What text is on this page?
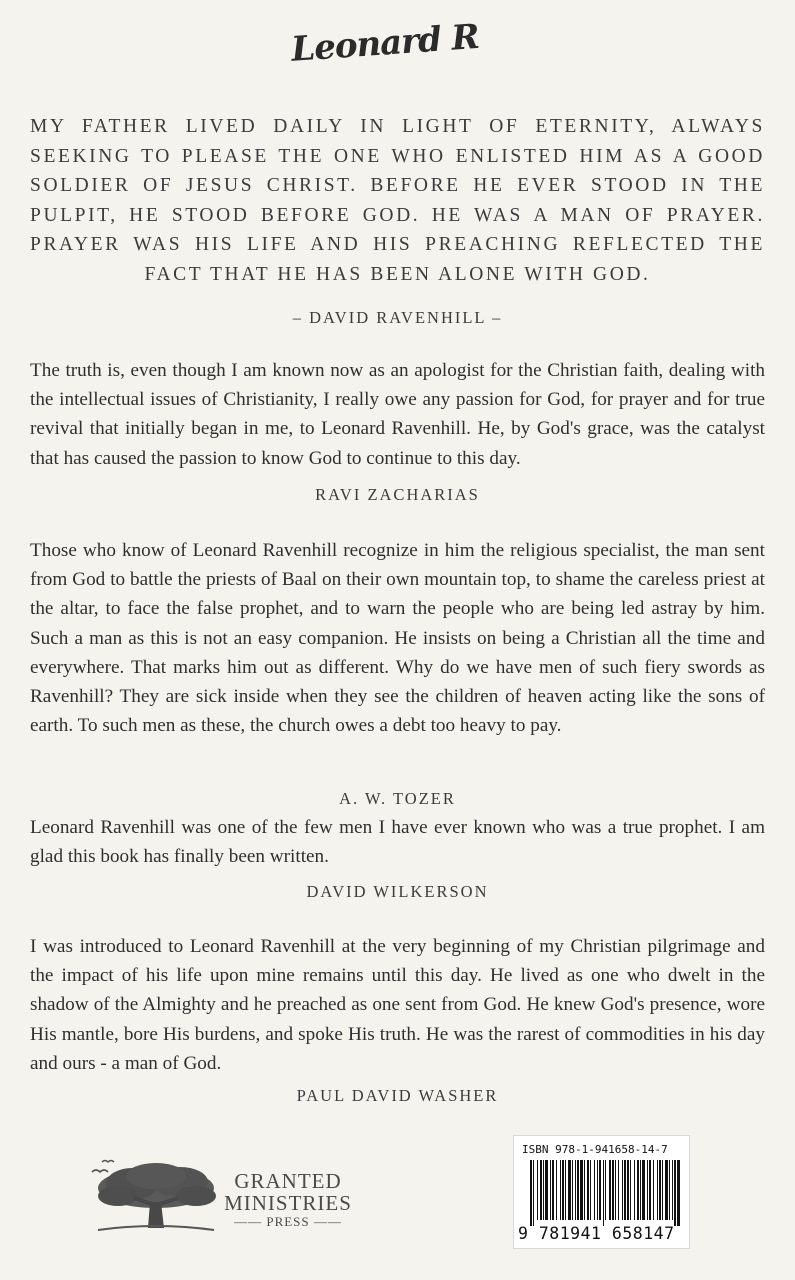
Leonard R
MY FATHER LIVED DAILY IN LIGHT OF ETERNITY, ALWAYS SEEKING TO PLEASE THE ONE WHO ENLISTED HIM AS A GOOD SOLDIER OF JESUS CHRIST. BEFORE HE EVER STOOD IN THE PULPIT, HE STOOD BEFORE GOD. HE WAS A MAN OF PRAYER. PRAYER WAS HIS LIFE AND HIS PREACHING REFLECTED THE FACT THAT HE HAS BEEN ALONE WITH GOD.
– DAVID RAVENHILL –
The truth is, even though I am known now as an apologist for the Christian faith, dealing with the intellectual issues of Christianity, I really owe any passion for God, for prayer and for true revival that initially began in me, to Leonard Ravenhill. He, by God's grace, was the catalyst that has caused the passion to know God to continue to this day.
RAVI ZACHARIAS
Those who know of Leonard Ravenhill recognize in him the religious specialist, the man sent from God to battle the priests of Baal on their own mountain top, to shame the careless priest at the altar, to face the false prophet, and to warn the people who are being led astray by him. Such a man as this is not an easy companion. He insists on being a Christian all the time and everywhere. That marks him out as different. Why do we have men of such fiery swords as Ravenhill? They are sick inside when they see the children of heaven acting like the sons of earth. To such men as these, the church owes a debt too heavy to pay.
A. W. TOZER
Leonard Ravenhill was one of the few men I have ever known who was a true prophet. I am glad this book has finally been written.
DAVID WILKERSON
I was introduced to Leonard Ravenhill at the very beginning of my Christian pilgrimage and the impact of his life upon mine remains until this day. He lived as one who dwelt in the shadow of the Almighty and he preached as one sent from God. He knew God's presence, wore His mantle, bore His burdens, and spoke His truth. He was the rarest of commodities in his day and ours - a man of God.
PAUL DAVID WASHER
GRANTED
MINISTRIES
—— PRESS ——
ISBN 978-1-941658-14-7
9 781941 658147
